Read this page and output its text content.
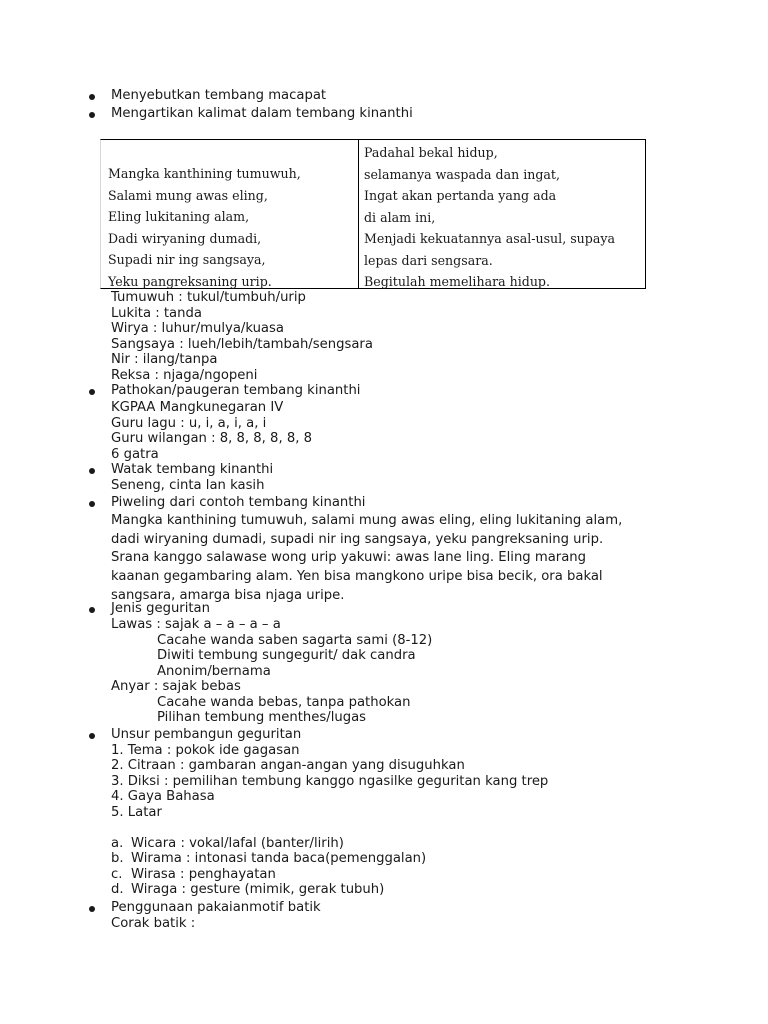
Menyebutkan tembang macapat
Mengartikan kalimat dalam tembang kinanthi
Mangka kanthining tumuwuh,
Salami mung awas eling,
Eling lukitaning alam,
Dadi wiryaning dumadi,
Supadi nir ing sangsaya,
Yeku pangreksaning urip.
Padahal bekal hidup,
selamanya waspada dan ingat,
Ingat akan pertanda yang ada
di alam ini,
Menjadi kekuatannya asal-usul, supaya
lepas dari sengsara.
Begitulah memelihara hidup.
Tumuwuh : tukul/tumbuh/urip
Lukita : tanda
Wirya : luhur/mulya/kuasa
Sangsaya : lueh/lebih/tambah/sengsara
Nir : ilang/tanpa
Reksa : njaga/ngopeni
Pathokan/paugeran tembang kinanthi
KGPAA Mangkunegaran IV
Guru lagu : u, i, a, i, a, i
Guru wilangan : 8, 8, 8, 8, 8, 8
6 gatra
Watak tembang kinanthi
Seneng, cinta lan kasih
Piweling dari contoh tembang kinanthi
Mangka kanthining tumuwuh, salami mung awas eling, eling lukitaning alam,
dadi wiryaning dumadi, supadi nir ing sangsaya, yeku pangreksaning urip.
Srana kanggo salawase wong urip yakuwi: awas lane ling. Eling marang
kaanan gegambaring alam. Yen bisa mangkono uripe bisa becik, ora bakal
sangsara, amarga bisa njaga uripe.
Jenis geguritan
Lawas : sajak a – a – a – a
Cacahe wanda saben sagarta sami (8-12)
Diwiti tembung sungegurit/ dak candra
Anonim/bernama
Anyar : sajak bebas
Cacahe wanda bebas, tanpa pathokan
Pilihan tembung menthes/lugas
Unsur pembangun geguritan
1. Tema : pokok ide gagasan
2. Citraan : gambaran angan-angan yang disuguhkan
3. Diksi : pemilihan tembung kanggo ngasilke geguritan kang trep
4. Gaya Bahasa
5. Latar
a. Wicara : vokal/lafal (banter/lirih)
b. Wirama : intonasi tanda baca(pemenggalan)
c. Wirasa : penghayatan
d. Wiraga : gesture (mimik, gerak tubuh)
Penggunaan pakaianmotif batik
Corak batik :
